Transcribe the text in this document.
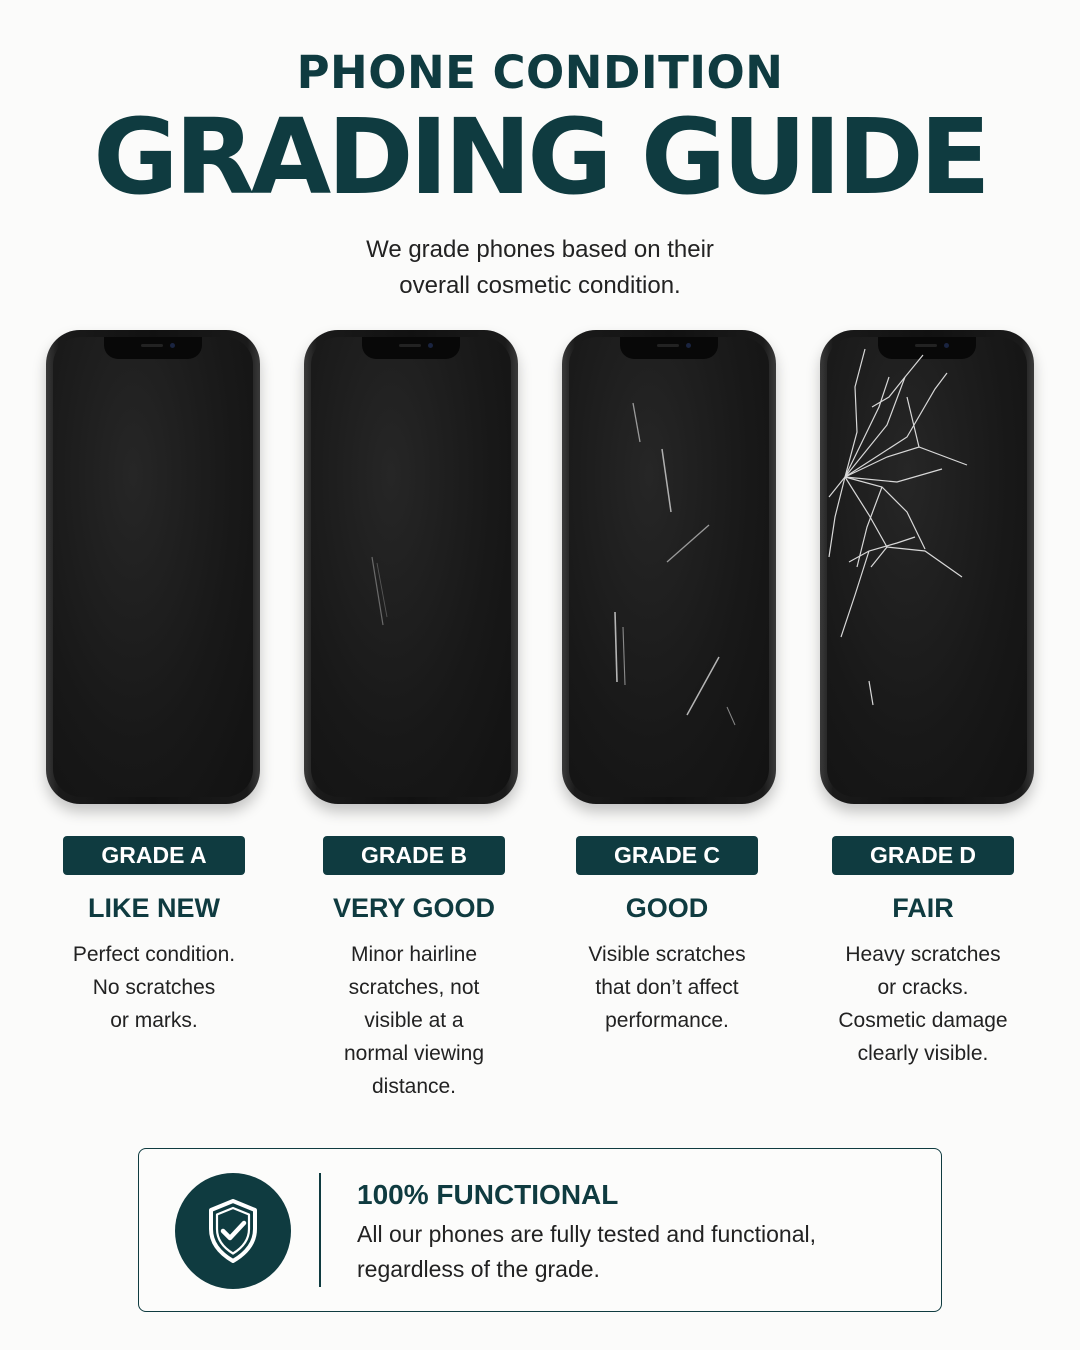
PHONE CONDITION
GRADING GUIDE
We grade phones based on their
overall cosmetic condition.
GRADE A
LIKE NEW
Perfect condition.
No scratches
or marks.
GRADE B
VERY GOOD
Minor hairline
scratches, not
visible at a
normal viewing
distance.
GRADE C
GOOD
Visible scratches
that don’t affect
performance.
GRADE D
FAIR
Heavy scratches
or cracks.
Cosmetic damage
clearly visible.
100% FUNCTIONAL
All our phones are fully tested and functional,
regardless of the grade.
